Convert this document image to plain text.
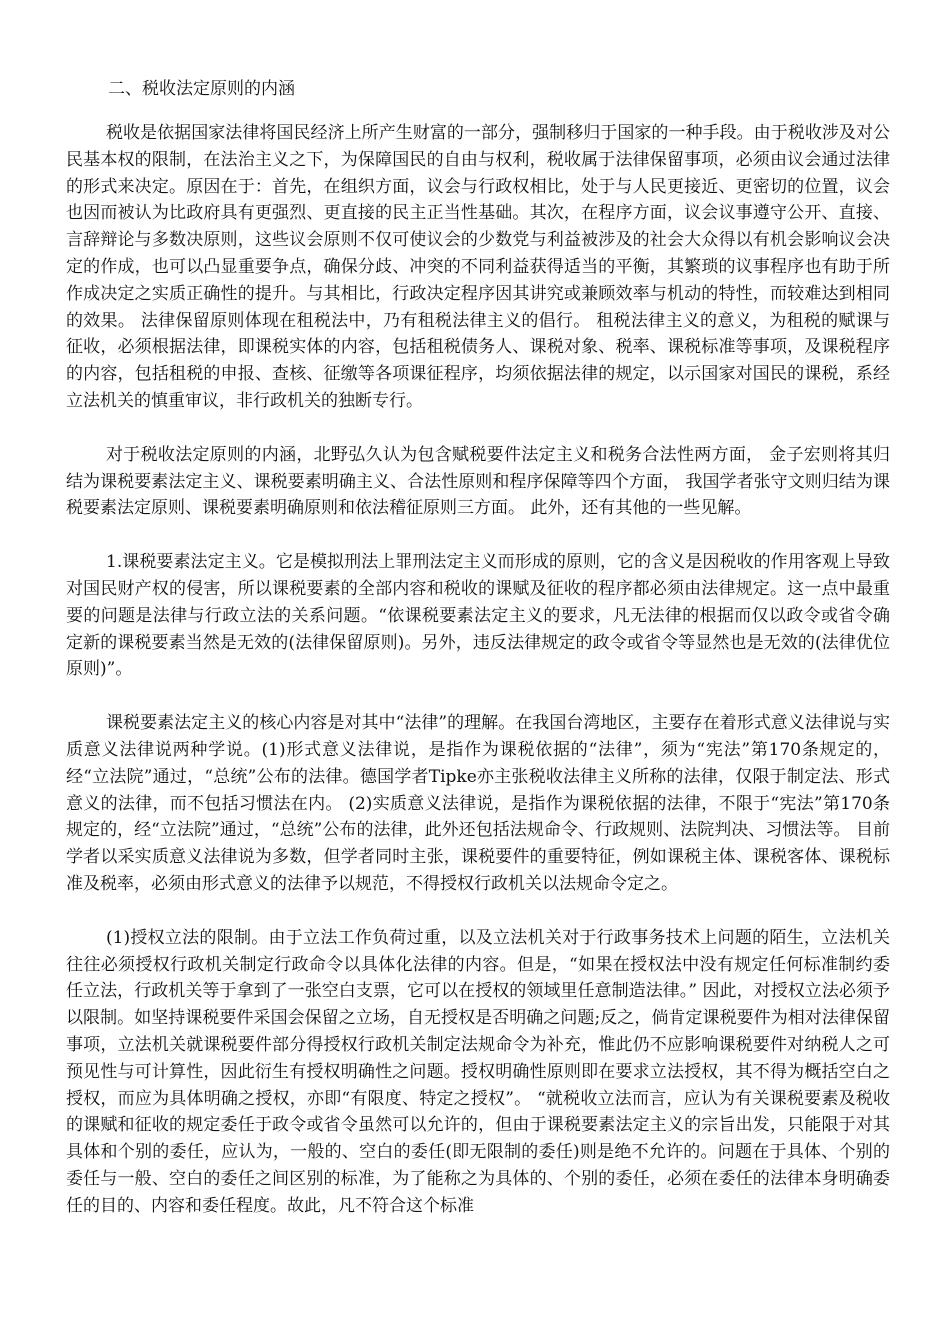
二、税收法定原则的内涵

税收是依据国家法律将国民经济上所产生财富的一部分，强制移归于国家的一种手段。由于税收涉及对公民基本权的限制，在法治主义之下，为保障国民的自由与权利，税收属于法律保留事项，必须由议会通过法律的形式来决定。原因在于：首先，在组织方面，议会与行政权相比，处于与人民更接近、更密切的位置，议会也因而被认为比政府具有更强烈、更直接的民主正当性基础。其次，在程序方面，议会议事遵守公开、直接、言辞辩论与多数决原则，这些议会原则不仅可使议会的少数党与利益被涉及的社会大众得以有机会影响议会决定的作成，也可以凸显重要争点，确保分歧、冲突的不同利益获得适当的平衡，其繁琐的议事程序也有助于所作成决定之实质正确性的提升。与其相比，行政决定程序因其讲究或兼顾效率与机动的特性，而较难达到相同的效果。 法律保留原则体现在租税法中，乃有租税法律主义的倡行。 租税法律主义的意义，为租税的赋课与征收，必须根据法律，即课税实体的内容，包括租税债务人、课税对象、税率、课税标准等事项，及课税程序的内容，包括租税的申报、查核、征缴等各项课征程序，均须依据法律的规定，以示国家对国民的课税，系经立法机关的慎重审议，非行政机关的独断专行。

对于税收法定原则的内涵，北野弘久认为包含赋税要件法定主义和税务合法性两方面， 金子宏则将其归结为课税要素法定主义、课税要素明确主义、合法性原则和程序保障等四个方面， 我国学者张守文则归结为课税要素法定原则、课税要素明确原则和依法稽征原则三方面。 此外，还有其他的一些见解。

1.课税要素法定主义。它是模拟刑法上罪刑法定主义而形成的原则，它的含义是因税收的作用客观上导致对国民财产权的侵害，所以课税要素的全部内容和税收的课赋及征收的程序都必须由法律规定。这一点中最重要的问题是法律与行政立法的关系问题。“依课税要素法定主义的要求，凡无法律的根据而仅以政令或省令确定新的课税要素当然是无效的(法律保留原则)。另外，违反法律规定的政令或省令等显然也是无效的(法律优位原则)”。

课税要素法定主义的核心内容是对其中“法律”的理解。在我国台湾地区，主要存在着形式意义法律说与实质意义法律说两种学说。(1)形式意义法律说，是指作为课税依据的“法律”，须为“宪法”第170条规定的，经“立法院”通过，“总统”公布的法律。德国学者Tipke亦主张税收法律主义所称的法律，仅限于制定法、形式意义的法律，而不包括习惯法在内。 (2)实质意义法律说，是指作为课税依据的法律，不限于“宪法”第170条规定的，经“立法院”通过，“总统”公布的法律，此外还包括法规命令、行政规则、法院判决、习惯法等。 目前学者以采实质意义法律说为多数，但学者同时主张，课税要件的重要特征，例如课税主体、课税客体、课税标准及税率，必须由形式意义的法律予以规范，不得授权行政机关以法规命令定之。

(1)授权立法的限制。由于立法工作负荷过重，以及立法机关对于行政事务技术上问题的陌生，立法机关往往必须授权行政机关制定行政命令以具体化法律的内容。但是，“如果在授权法中没有规定任何标准制约委任立法，行政机关等于拿到了一张空白支票，它可以在授权的领域里任意制造法律。” 因此，对授权立法必须予以限制。如坚持课税要件采国会保留之立场，自无授权是否明确之问题;反之，倘肯定课税要件为相对法律保留事项，立法机关就课税要件部分得授权行政机关制定法规命令为补充，惟此仍不应影响课税要件对纳税人之可预见性与可计算性，因此衍生有授权明确性之问题。授权明确性原则即在要求立法授权，其不得为概括空白之授权，而应为具体明确之授权，亦即“有限度、特定之授权”。 “就税收立法而言，应认为有关课税要素及税收的课赋和征收的规定委任于政令或省令虽然可以允许的，但由于课税要素法定主义的宗旨出发，只能限于对其具体和个别的委任，应认为，一般的、空白的委任(即无限制的委任)则是绝不允许的。问题在于具体、个别的委任与一般、空白的委任之间区别的标准，为了能称之为具体的、个别的委任，必须在委任的法律本身明确委任的目的、内容和委任程度。故此，凡不符合这个标准
